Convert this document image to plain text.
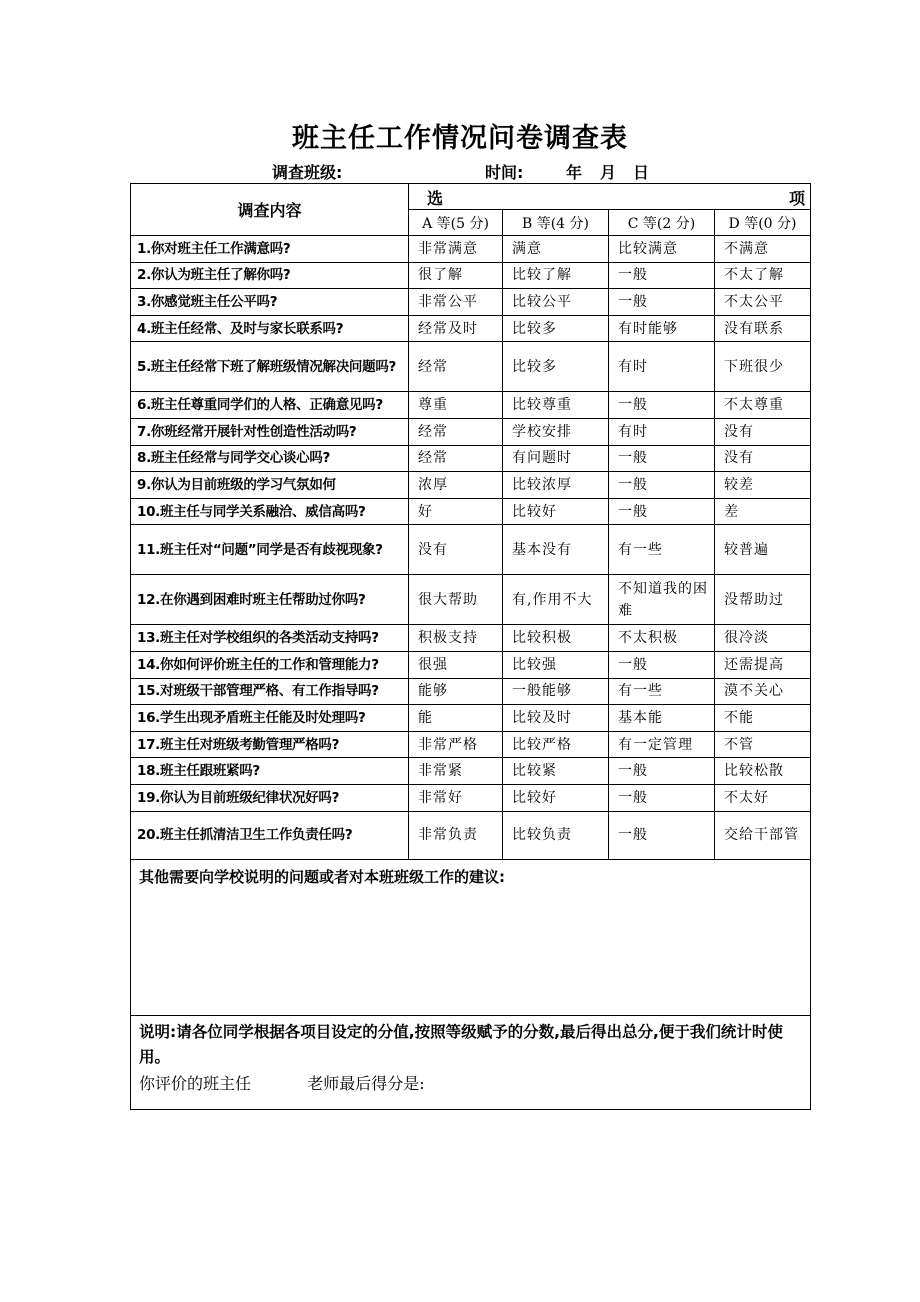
班主任工作情况问卷调查表
调查班级:	时间:	年 月 日
调查内容	选 项			

	A 等(5 分)	B 等(4 分)	C 等(2 分)	D 等(0 分)
1.你对班主任工作满意吗?	非常满意	满意	比较满意	不满意
2.你认为班主任了解你吗?	很了解	比较了解	一般	不太了解
3.你感觉班主任公平吗?	非常公平	比较公平	一般	不太公平
4.班主任经常、及时与家长联系吗?	经常及时	比较多	有时能够	没有联系
5.班主任经常下班了解班级情况解决问题吗?	经常	比较多	有时	下班很少
6.班主任尊重同学们的人格、正确意见吗?	尊重	比较尊重	一般	不太尊重
7.你班经常开展针对性创造性活动吗?	经常	学校安排	有时	没有
8.班主任经常与同学交心谈心吗?	经常	有问题时	一般	没有
9.你认为目前班级的学习气氛如何	浓厚	比较浓厚	一般	较差
10.班主任与同学关系融洽、威信高吗?	好	比较好	一般	差
11.班主任对“问题”同学是否有歧视现象?	没有	基本没有	有一些	较普遍
12.在你遇到困难时班主任帮助过你吗?	很大帮助	有,作用不大	不知道我的困难	没帮助过
13.班主任对学校组织的各类活动支持吗?	积极支持	比较积极	不太积极	很冷淡
14.你如何评价班主任的工作和管理能力?	很强	比较强	一般	还需提高
15.对班级干部管理严格、有工作指导吗?	能够	一般能够	有一些	漠不关心
16.学生出现矛盾班主任能及时处理吗?	能	比较及时	基本能	不能
17.班主任对班级考勤管理严格吗?	非常严格	比较严格	有一定管理	不管
18.班主任跟班紧吗?	非常紧	比较紧	一般	比较松散
19.你认为目前班级纪律状况好吗?	非常好	比较好	一般	不太好
20.班主任抓清洁卫生工作负责任吗?	非常负责	比较负责	一般	交给干部管
其他需要向学校说明的问题或者对本班班级工作的建议:				

说明:请各位同学根据各项目设定的分值,按照等级赋予的分数,最后得出总分,便于我们统计时使用。
你评价的班主任 老师最后得分是:				
